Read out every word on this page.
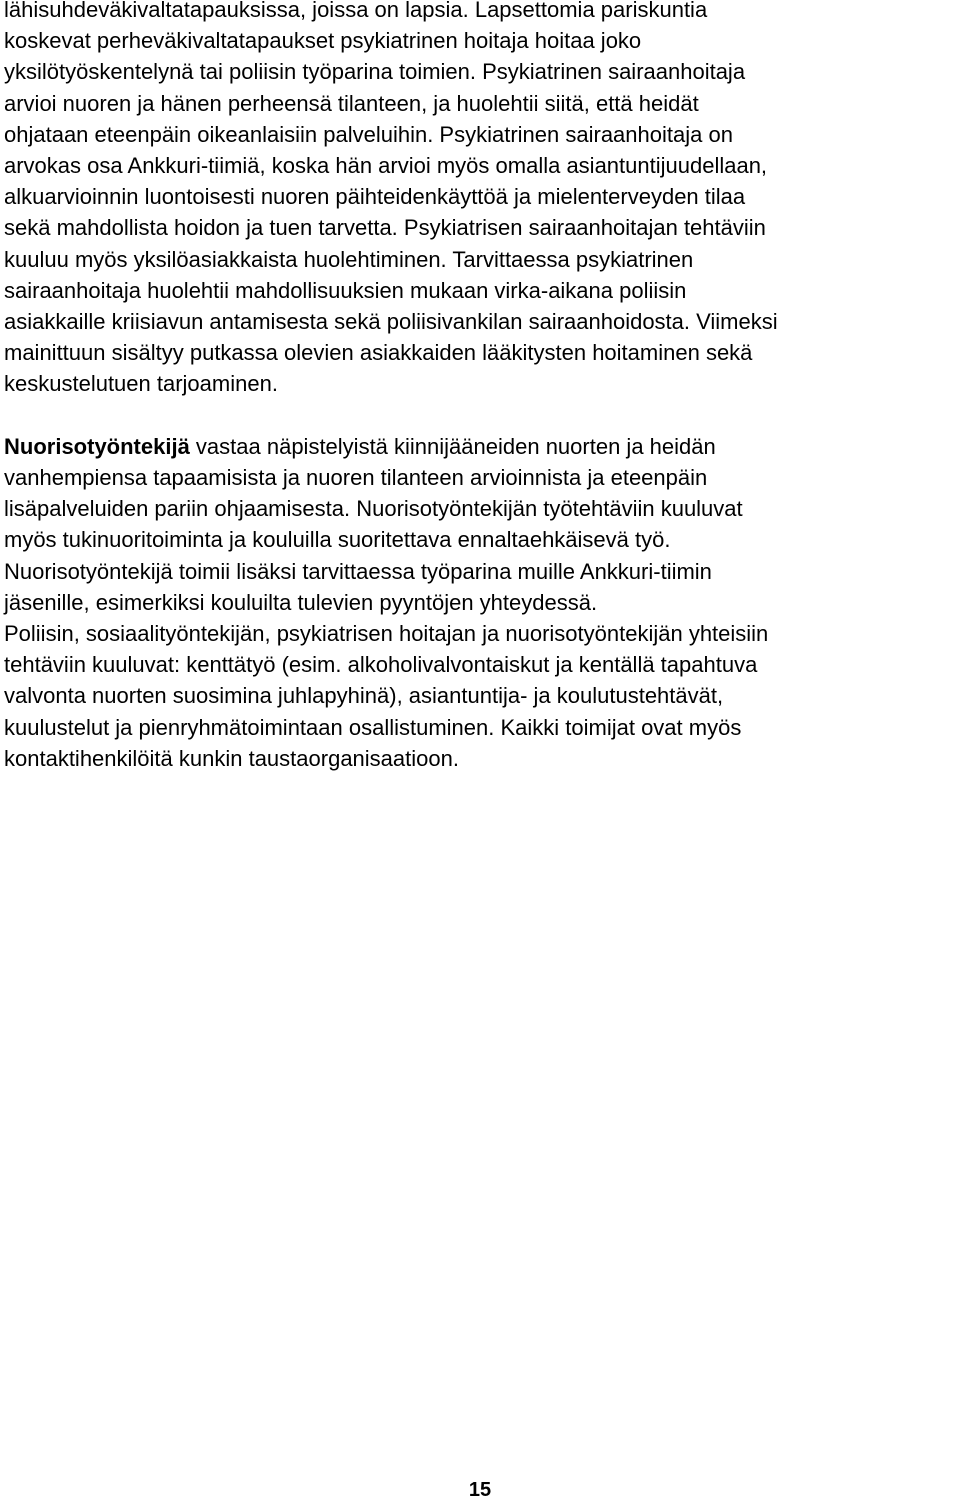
lähisuhdeväkivaltatapauksissa, joissa on lapsia. Lapsettomia pariskuntia
koskevat perheväkivaltatapaukset psykiatrinen hoitaja hoitaa joko
yksilötyöskentelynä tai poliisin työparina toimien. Psykiatrinen sairaanhoitaja
arvioi nuoren ja hänen perheensä tilanteen, ja huolehtii siitä, että heidät
ohjataan eteenpäin oikeanlaisiin palveluihin. Psykiatrinen sairaanhoitaja on
arvokas osa Ankkuri-tiimiä, koska hän arvioi myös omalla asiantuntijuudellaan,
alkuarvioinnin luontoisesti nuoren päihteidenkäyttöä ja mielenterveyden tilaa
sekä mahdollista hoidon ja tuen tarvetta. Psykiatrisen sairaanhoitajan tehtäviin
kuuluu myös yksilöasiakkaista huolehtiminen. Tarvittaessa psykiatrinen
sairaanhoitaja huolehtii mahdollisuuksien mukaan virka-aikana poliisin
asiakkaille kriisiavun antamisesta sekä poliisivankilan sairaanhoidosta. Viimeksi
mainittuun sisältyy putkassa olevien asiakkaiden lääkitysten hoitaminen sekä
keskustelutuen tarjoaminen.
Nuorisotyöntekijä vastaa näpistelyistä kiinnijääneiden nuorten ja heidän
vanhempiensa tapaamisista ja nuoren tilanteen arvioinnista ja eteenpäin
lisäpalveluiden pariin ohjaamisesta. Nuorisotyöntekijän työtehtäviin kuuluvat
myös tukinuoritoiminta ja kouluilla suoritettava ennaltaehkäisevä työ.
Nuorisotyöntekijä toimii lisäksi tarvittaessa työparina muille Ankkuri-tiimin
jäsenille, esimerkiksi kouluilta tulevien pyyntöjen yhteydessä.
Poliisin, sosiaalityöntekijän, psykiatrisen hoitajan ja nuorisotyöntekijän yhteisiin
tehtäviin kuuluvat: kenttätyö (esim. alkoholivalvontaiskut ja kentällä tapahtuva
valvonta nuorten suosimina juhlapyhinä), asiantuntija- ja koulutustehtävät,
kuulustelut ja pienryhmätoimintaan osallistuminen. Kaikki toimijat ovat myös
kontaktihenkilöitä kunkin taustaorganisaatioon.
15
